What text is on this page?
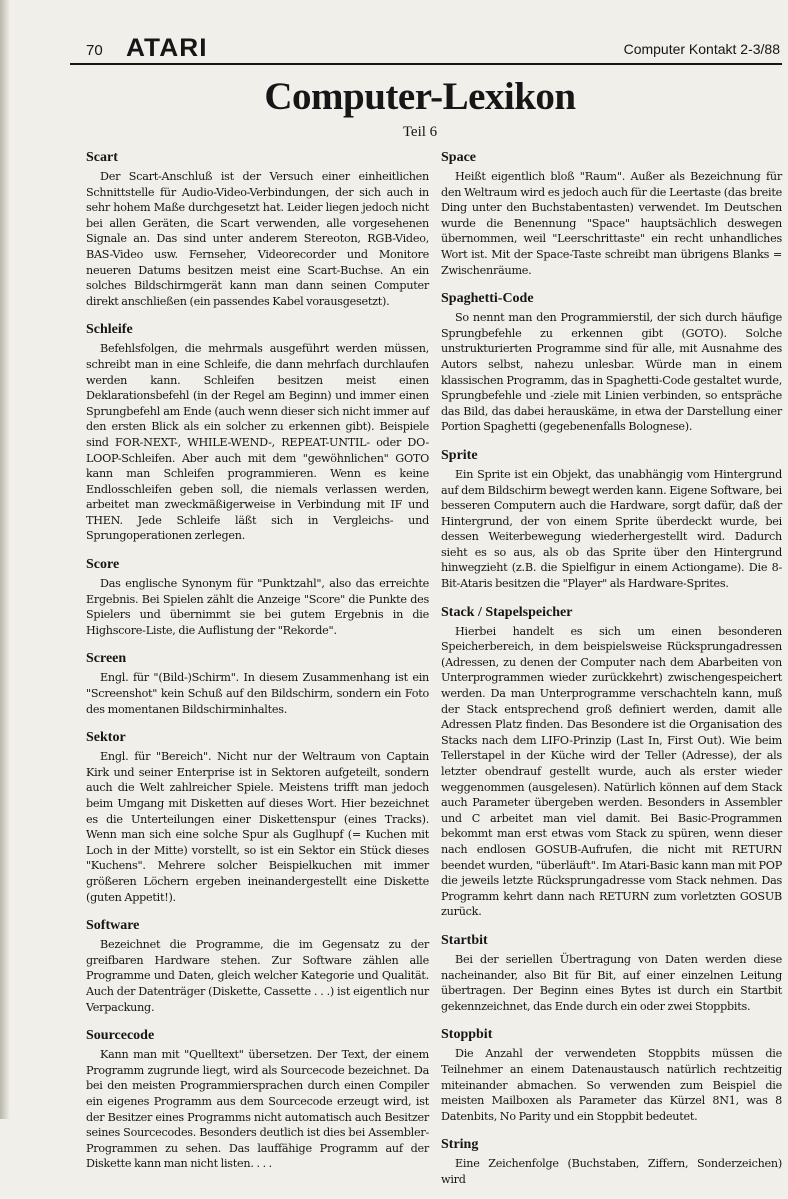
70 ATARI	Computer Kontakt 2-3/88
Computer-Lexikon
Teil 6
Scart

Der Scart-Anschluß ist der Versuch einer einheitlichen Schnittstelle für Audio-Video-Verbindungen, der sich auch in sehr hohem Maße durchgesetzt hat. Leider liegen jedoch nicht bei allen Geräten, die Scart verwenden, alle vorgesehenen Signale an. Das sind unter anderem Stereoton, RGB-Video, BAS-Video usw. Fernseher, Videorecorder und Monitore neueren Datums besitzen meist eine Scart-Buchse. An ein solches Bildschirmgerät kann man dann seinen Computer direkt anschließen (ein passendes Kabel vorausgesetzt).

Schleife

Befehlsfolgen, die mehrmals ausgeführt werden müssen, schreibt man in eine Schleife, die dann mehrfach durchlaufen werden kann. Schleifen besitzen meist einen Deklarationsbefehl (in der Regel am Beginn) und immer einen Sprungbefehl am Ende (auch wenn dieser sich nicht immer auf den ersten Blick als ein solcher zu erkennen gibt). Beispiele sind FOR-NEXT-, WHILE-WEND-, REPEAT-UNTIL- oder DO-LOOP-Schleifen. Aber auch mit dem "gewöhnlichen" GOTO kann man Schleifen programmieren. Wenn es keine Endlosschleifen geben soll, die niemals verlassen werden, arbeitet man zweckmäßigerweise in Verbindung mit IF und THEN. Jede Schleife läßt sich in Vergleichs- und Sprungoperationen zerlegen.

Score

Das englische Synonym für "Punktzahl", also das erreichte Ergebnis. Bei Spielen zählt die Anzeige "Score" die Punkte des Spielers und übernimmt sie bei gutem Ergebnis in die Highscore-Liste, die Auflistung der "Rekorde".

Screen

Engl. für "(Bild-)Schirm". In diesem Zusammenhang ist ein "Screenshot" kein Schuß auf den Bildschirm, sondern ein Foto des momentanen Bildschirminhaltes.

Sektor

Engl. für "Bereich". Nicht nur der Weltraum von Captain Kirk und seiner Enterprise ist in Sektoren aufgeteilt, sondern auch die Welt zahlreicher Spiele. Meistens trifft man jedoch beim Umgang mit Disketten auf dieses Wort. Hier bezeichnet es die Unterteilungen einer Diskettenspur (eines Tracks). Wenn man sich eine solche Spur als Guglhupf (= Kuchen mit Loch in der Mitte) vorstellt, so ist ein Sektor ein Stück dieses "Kuchens". Mehrere solcher Beispielkuchen mit immer größeren Löchern ergeben ineinandergestellt eine Diskette (guten Appetit!).

Software

Bezeichnet die Programme, die im Gegensatz zu der greifbaren Hardware stehen. Zur Software zählen alle Programme und Daten, gleich welcher Kategorie und Qualität. Auch der Datenträger (Diskette, Cassette . . .) ist eigentlich nur Verpackung.

Sourcecode

Kann man mit "Quelltext" übersetzen. Der Text, der einem Programm zugrunde liegt, wird als Sourcecode bezeichnet. Da bei den meisten Programmiersprachen durch einen Compiler ein eigenes Programm aus dem Sourcecode erzeugt wird, ist der Besitzer eines Programms nicht automatisch auch Besitzer seines Sourcecodes. Besonders deutlich ist dies bei Assembler-Programmen zu sehen. Das lauffähige Programm auf der Diskette kann man nicht listen. . . .

Space

Heißt eigentlich bloß "Raum". Außer als Bezeichnung für den Weltraum wird es jedoch auch für die Leertaste (das breite Ding unter den Buchstabentasten) verwendet. Im Deutschen wurde die Benennung "Space" hauptsächlich deswegen übernommen, weil "Leerschrittaste" ein recht unhandliches Wort ist. Mit der Space-Taste schreibt man übrigens Blanks = Zwischenräume.

Spaghetti-Code

So nennt man den Programmierstil, der sich durch häufige Sprungbefehle zu erkennen gibt (GOTO). Solche unstrukturierten Programme sind für alle, mit Ausnahme des Autors selbst, nahezu unlesbar. Würde man in einem klassischen Programm, das in Spaghetti-Code gestaltet wurde, Sprungbefehle und -ziele mit Linien verbinden, so entspräche das Bild, das dabei herauskäme, in etwa der Darstellung einer Portion Spaghetti (gegebenenfalls Bolognese).

Sprite

Ein Sprite ist ein Objekt, das unabhängig vom Hintergrund auf dem Bildschirm bewegt werden kann. Eigene Software, bei besseren Computern auch die Hardware, sorgt dafür, daß der Hintergrund, der von einem Sprite überdeckt wurde, bei dessen Weiterbewegung wiederhergestellt wird. Dadurch sieht es so aus, als ob das Sprite über den Hintergrund hinwegzieht (z.B. die Spielfigur in einem Actiongame). Die 8-Bit-Ataris besitzen die "Player" als Hardware-Sprites.

Stack / Stapelspeicher

Hierbei handelt es sich um einen besonderen Speicherbereich, in dem beispielsweise Rücksprungadressen (Adressen, zu denen der Computer nach dem Abarbeiten von Unterprogrammen wieder zurückkehrt) zwischengespeichert werden. Da man Unterprogramme verschachteln kann, muß der Stack entsprechend groß definiert werden, damit alle Adressen Platz finden. Das Besondere ist die Organisation des Stacks nach dem LIFO-Prinzip (Last In, First Out). Wie beim Tellerstapel in der Küche wird der Teller (Adresse), der als letzter obendrauf gestellt wurde, auch als erster wieder weggenommen (ausgelesen). Natürlich können auf dem Stack auch Parameter übergeben werden. Besonders in Assembler und C arbeitet man viel damit. Bei Basic-Programmen bekommt man erst etwas vom Stack zu spüren, wenn dieser nach endlosen GOSUB-Aufrufen, die nicht mit RETURN beendet wurden, "überläuft". Im Atari-Basic kann man mit POP die jeweils letzte Rücksprungadresse vom Stack nehmen. Das Programm kehrt dann nach RETURN zum vorletzten GOSUB zurück.

Startbit

Bei der seriellen Übertragung von Daten werden diese nacheinander, also Bit für Bit, auf einer einzelnen Leitung übertragen. Der Beginn eines Bytes ist durch ein Startbit gekennzeichnet, das Ende durch ein oder zwei Stoppbits.

Stoppbit

Die Anzahl der verwendeten Stoppbits müssen die Teilnehmer an einem Datenaustausch natürlich rechtzeitig miteinander abmachen. So verwenden zum Beispiel die meisten Mailboxen als Parameter das Kürzel 8N1, was 8 Datenbits, No Parity und ein Stoppbit bedeutet.

String

Eine Zeichenfolge (Buchstaben, Ziffern, Sonderzeichen) wird
